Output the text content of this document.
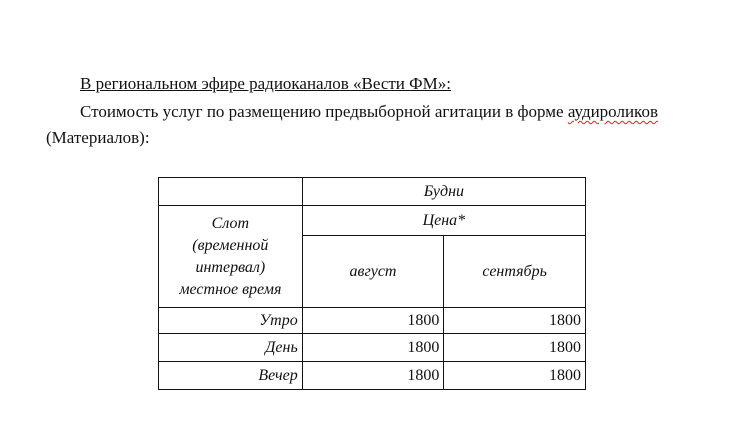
В региональном эфире радиоканалов «Вести ФМ»:
Стоимость услуг по размещению предвыборной агитации в форме аудироликов
(Материалов):
	Будни	

Слот
(временной
интервал)
местное время	Цена*	
	август	сентябрь
Утро	1800	1800
День	1800	1800
Вечер	1800	1800
